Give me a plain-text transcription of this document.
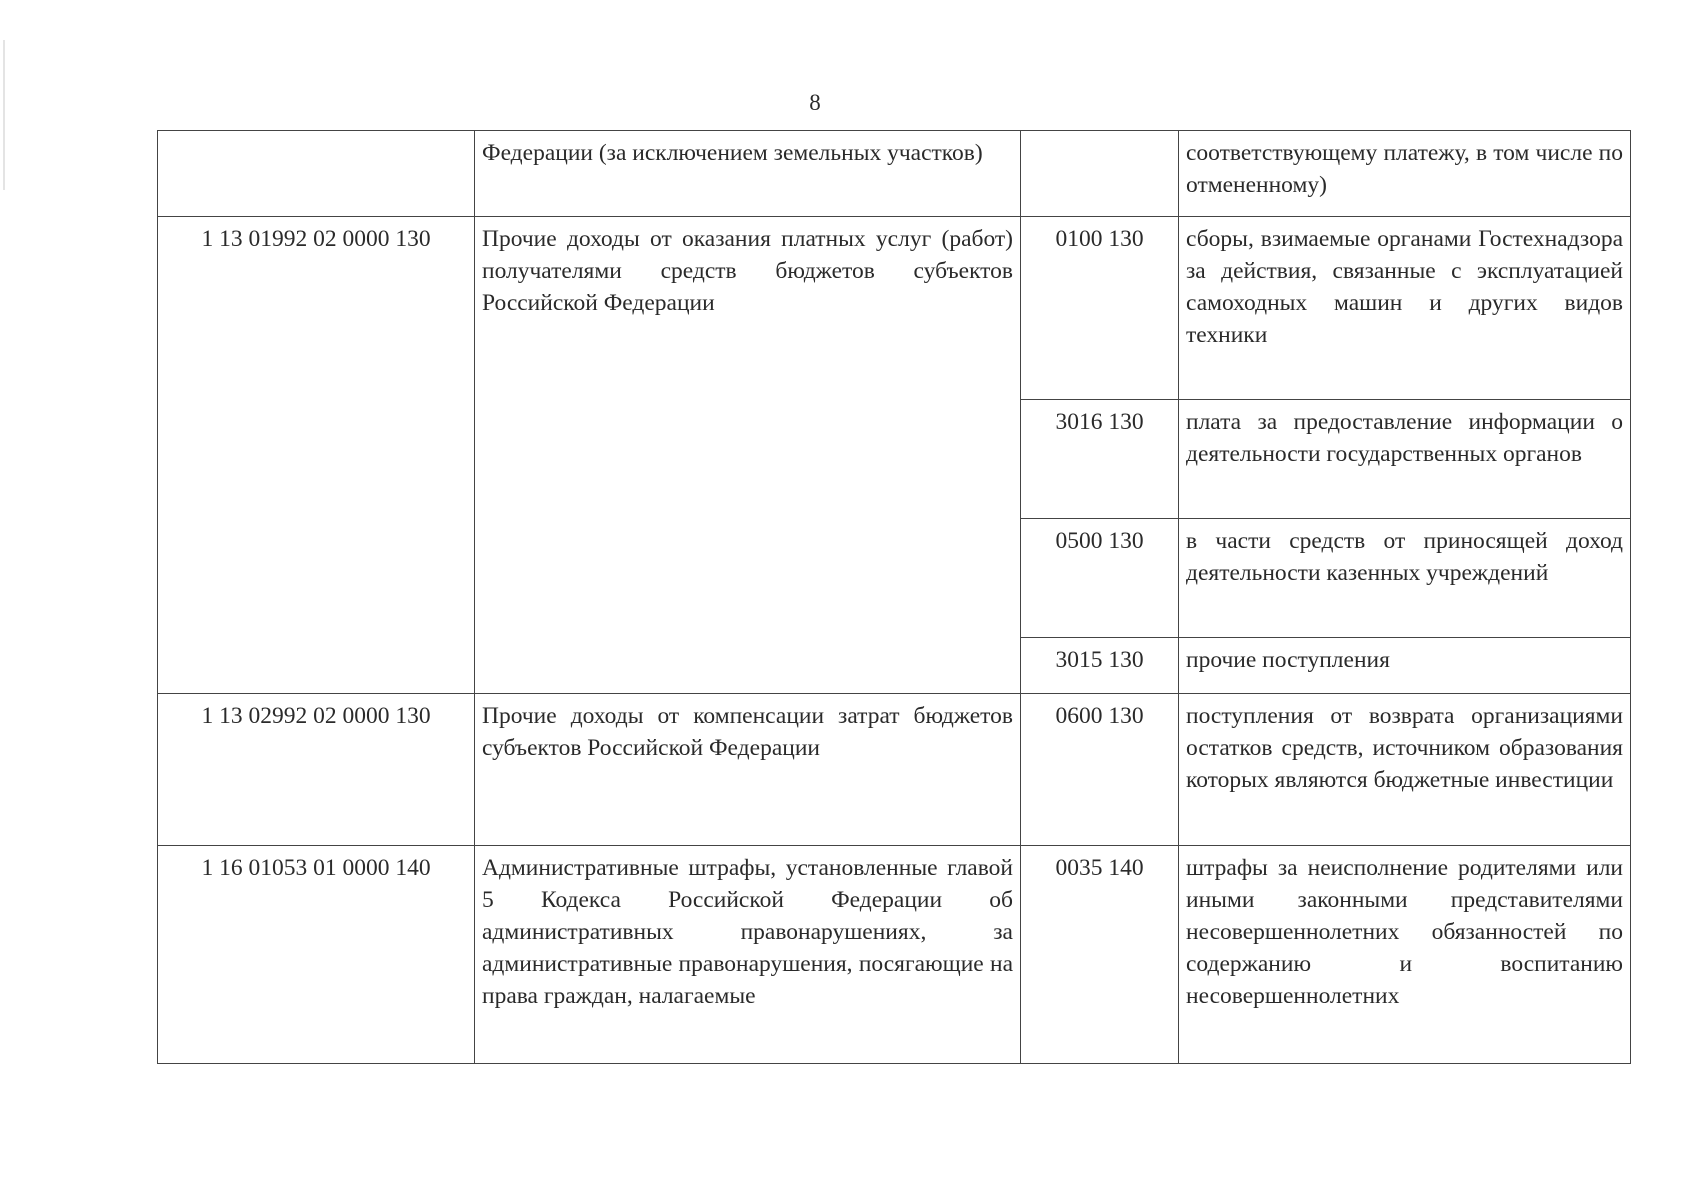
8
	Федерации (за исключением земельных участков)		соответствующему платежу, в том числе по отмененному)
1 13 01992 02 0000 130	Прочие доходы от оказания платных услуг (работ) получателями средств бюджетов субъектов Российской Федерации	0100 130	сборы, взимаемые органами Гостехнадзора за действия, связанные с эксплуатацией самоходных машин и других видов техники
		3016 130	плата за предоставление информации о деятельности государственных органов
		0500 130	в части средств от приносящей доход деятельности казенных учреждений
		3015 130	прочие поступления
1 13 02992 02 0000 130	Прочие доходы от компенсации затрат бюджетов субъектов Российской Федерации	0600 130	поступления от возврата организациями остатков средств, источником образования которых являются бюджетные инвестиции
1 16 01053 01 0000 140	Административные штрафы, установленные главой 5 Кодекса Российской Федерации об административных правонарушениях, за административные правонарушения, посягающие на права граждан, налагаемые	0035 140	штрафы за неисполнение родителями или иными законными представителями несовершеннолетних обязанностей по содержанию и воспитанию несовершеннолетних
